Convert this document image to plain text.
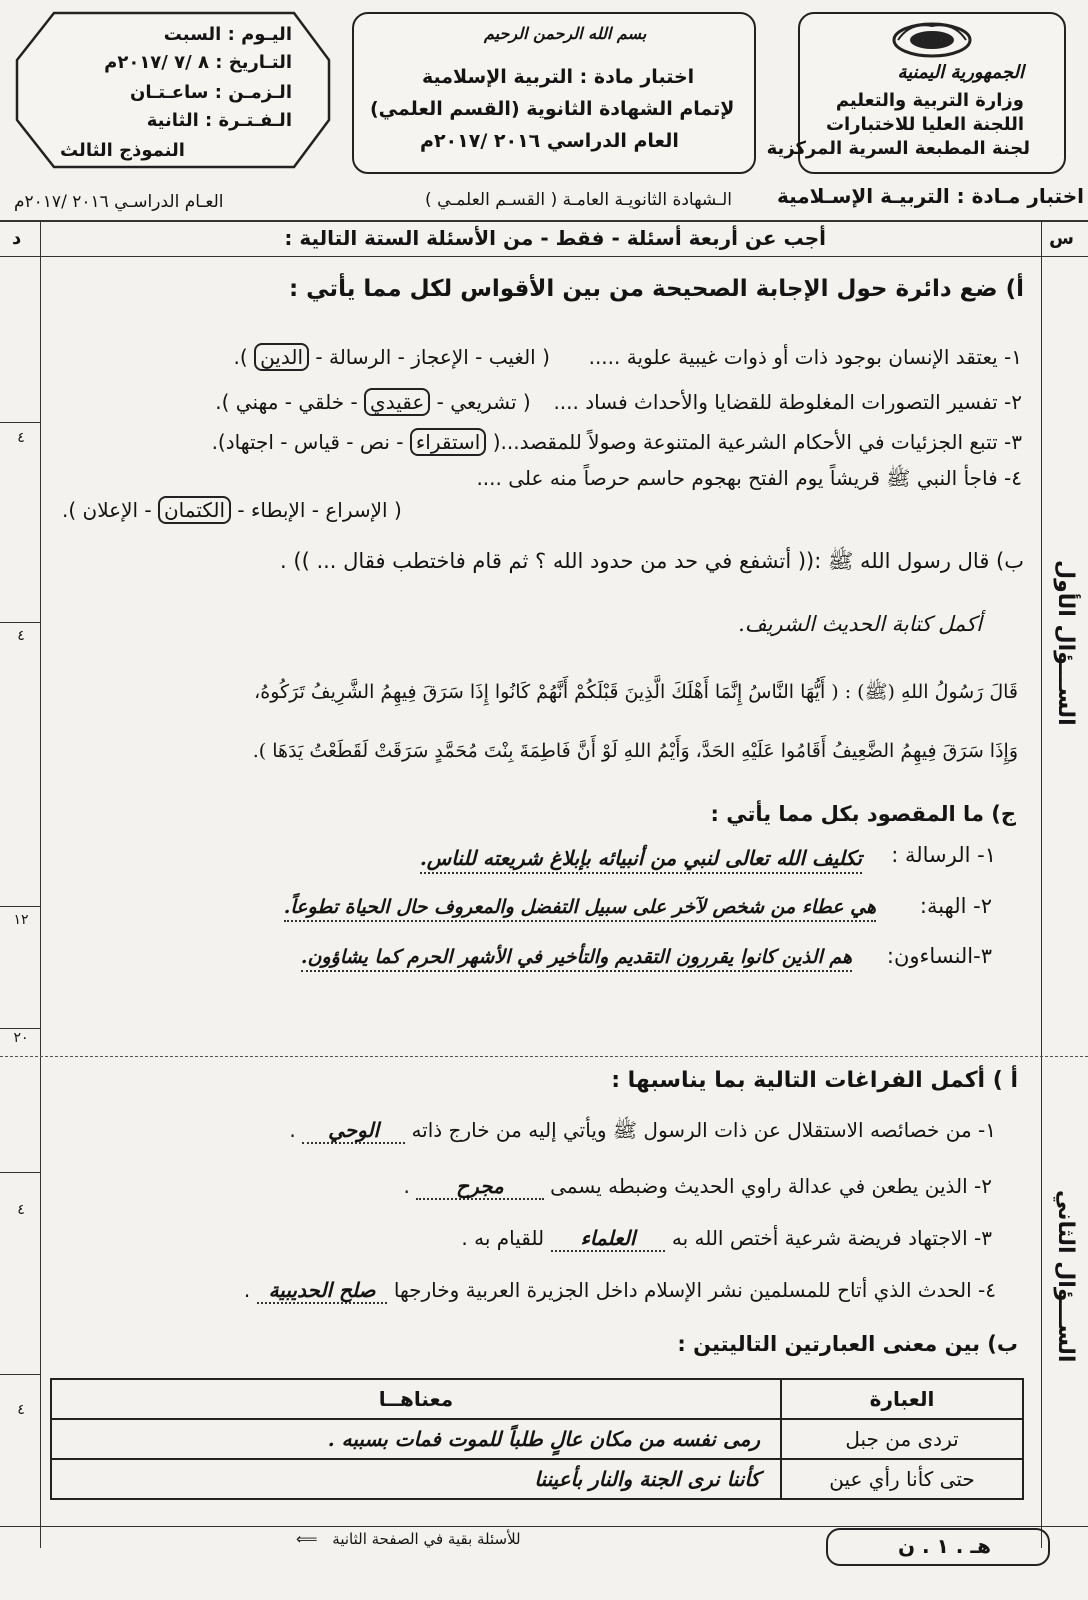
الجمهورية اليمنية
وزارة التربية والتعليم
اللجنة العليا للاختبارات
لجنة المطبعة السرية المركزية
بسم الله الرحمن الرحيم
اختبار مادة : التربية الإسلامية
لإتمام الشهادة الثانوية (القسم العلمي)
العام الدراسي ٢٠١٦ /٢٠١٧م
اليـوم : السبت
التـاريخ : ٨ /٧ /٢٠١٧م
الـزمـن : ساعـتـان
الـفـتـرة : الثانية
النموذج الثالث
اختبار مـادة : التربيـة الإسـلامية
الـشهادة الثانويـة العامـة ( القسـم العلمـي )
العـام الدراسـي ٢٠١٦ /٢٠١٧م
س
د	أجب عن أربعة أسئلة - فقط - من الأسئلة الستة التالية :
الســـؤال الأول
أ) ضع دائرة حول الإجابة الصحيحة من بين الأقواس لكل مما يأتي :
١- يعتقد الإنسان بوجود ذات أو ذوات غيبية علوية .....  ( الغيب - الإعجاز - الرسالة - الدين ).
٢- تفسير التصورات المغلوطة للقضايا والأحداث فساد ....  ( تشريعي - عقيدي - خلقي - مهني ).
٣- تتبع الجزئيات في الأحكام الشرعية المتنوعة وصولاً للمقصد...( استقراء - نص - قياس - اجتهاد).
٤- فاجأ النبي ﷺ قريشاً يوم الفتح بهجوم حاسم حرصاً منه على ....
( الإسراع - الإبطاء - الكتمان - الإعلان ).
ب) قال رسول الله ﷺ :(( أتشفع في حد من حدود الله ؟ ثم قام فاختطب فقال ... )) .
أكمل كتابة الحديث الشريف.
قَالَ رَسُولُ اللهِ (ﷺ) : ( أَيُّهَا النَّاسُ إِنَّمَا أَهْلَكَ الَّذِينَ قَبْلَكُمْ أَنَّهُمْ كَانُوا إِذَا سَرَقَ فِيهِمُ الشَّرِيفُ تَرَكُوهُ،
وَإِذَا سَرَقَ فِيهِمُ الضَّعِيفُ أَقَامُوا عَلَيْهِ الحَدَّ، وَأَيْمُ اللهِ لَوْ أَنَّ فَاطِمَةَ بِنْتَ مُحَمَّدٍ سَرَقَتْ لَقَطَعْتُ يَدَهَا ).
ج) ما المقصود بكل مما يأتي :
١- الرسالة :
تكليف الله تعالى لنبي من أنبيائه بإبلاغ شريعته للناس.
٢- الهبة:
هي عطاء من شخص لآخر على سبيل التفضل والمعروف حال الحياة تطوعاً.
٣-النساءون:
هم الذين كانوا يقررون التقديم والتأخير في الأشهر الحرم كما يشاؤون.
٤
٤
١٢
٢٠
الســـؤال الثاني
أ ) أكمل الفراغات التالية بما يناسبها :
١- من خصائصه الاستقلال عن ذات الرسول ﷺ ويأتي إليه من خارج ذاته الوحي .
٢- الذين يطعن في عدالة راوي الحديث وضبطه يسمى مجرح .
٣- الاجتهاد فريضة شرعية أختص الله به العلماء للقيام به .
٤- الحدث الذي أتاح للمسلمين نشر الإسلام داخل الجزيرة العربية وخارجها صلح الحديبية .
ب) بين معنى العبارتين التاليتين :
العبارة	معناهــا
تردى من جبل	رمى نفسه من مكان عالٍ طلباً للموت فمات بسببه .
حتى كأنا رأي عين	كأننا نرى الجنة والنار بأعيننا
٤
٤
للأسئلة بقية في الصفحة الثانية ⟸	هـ . ١ . ن
